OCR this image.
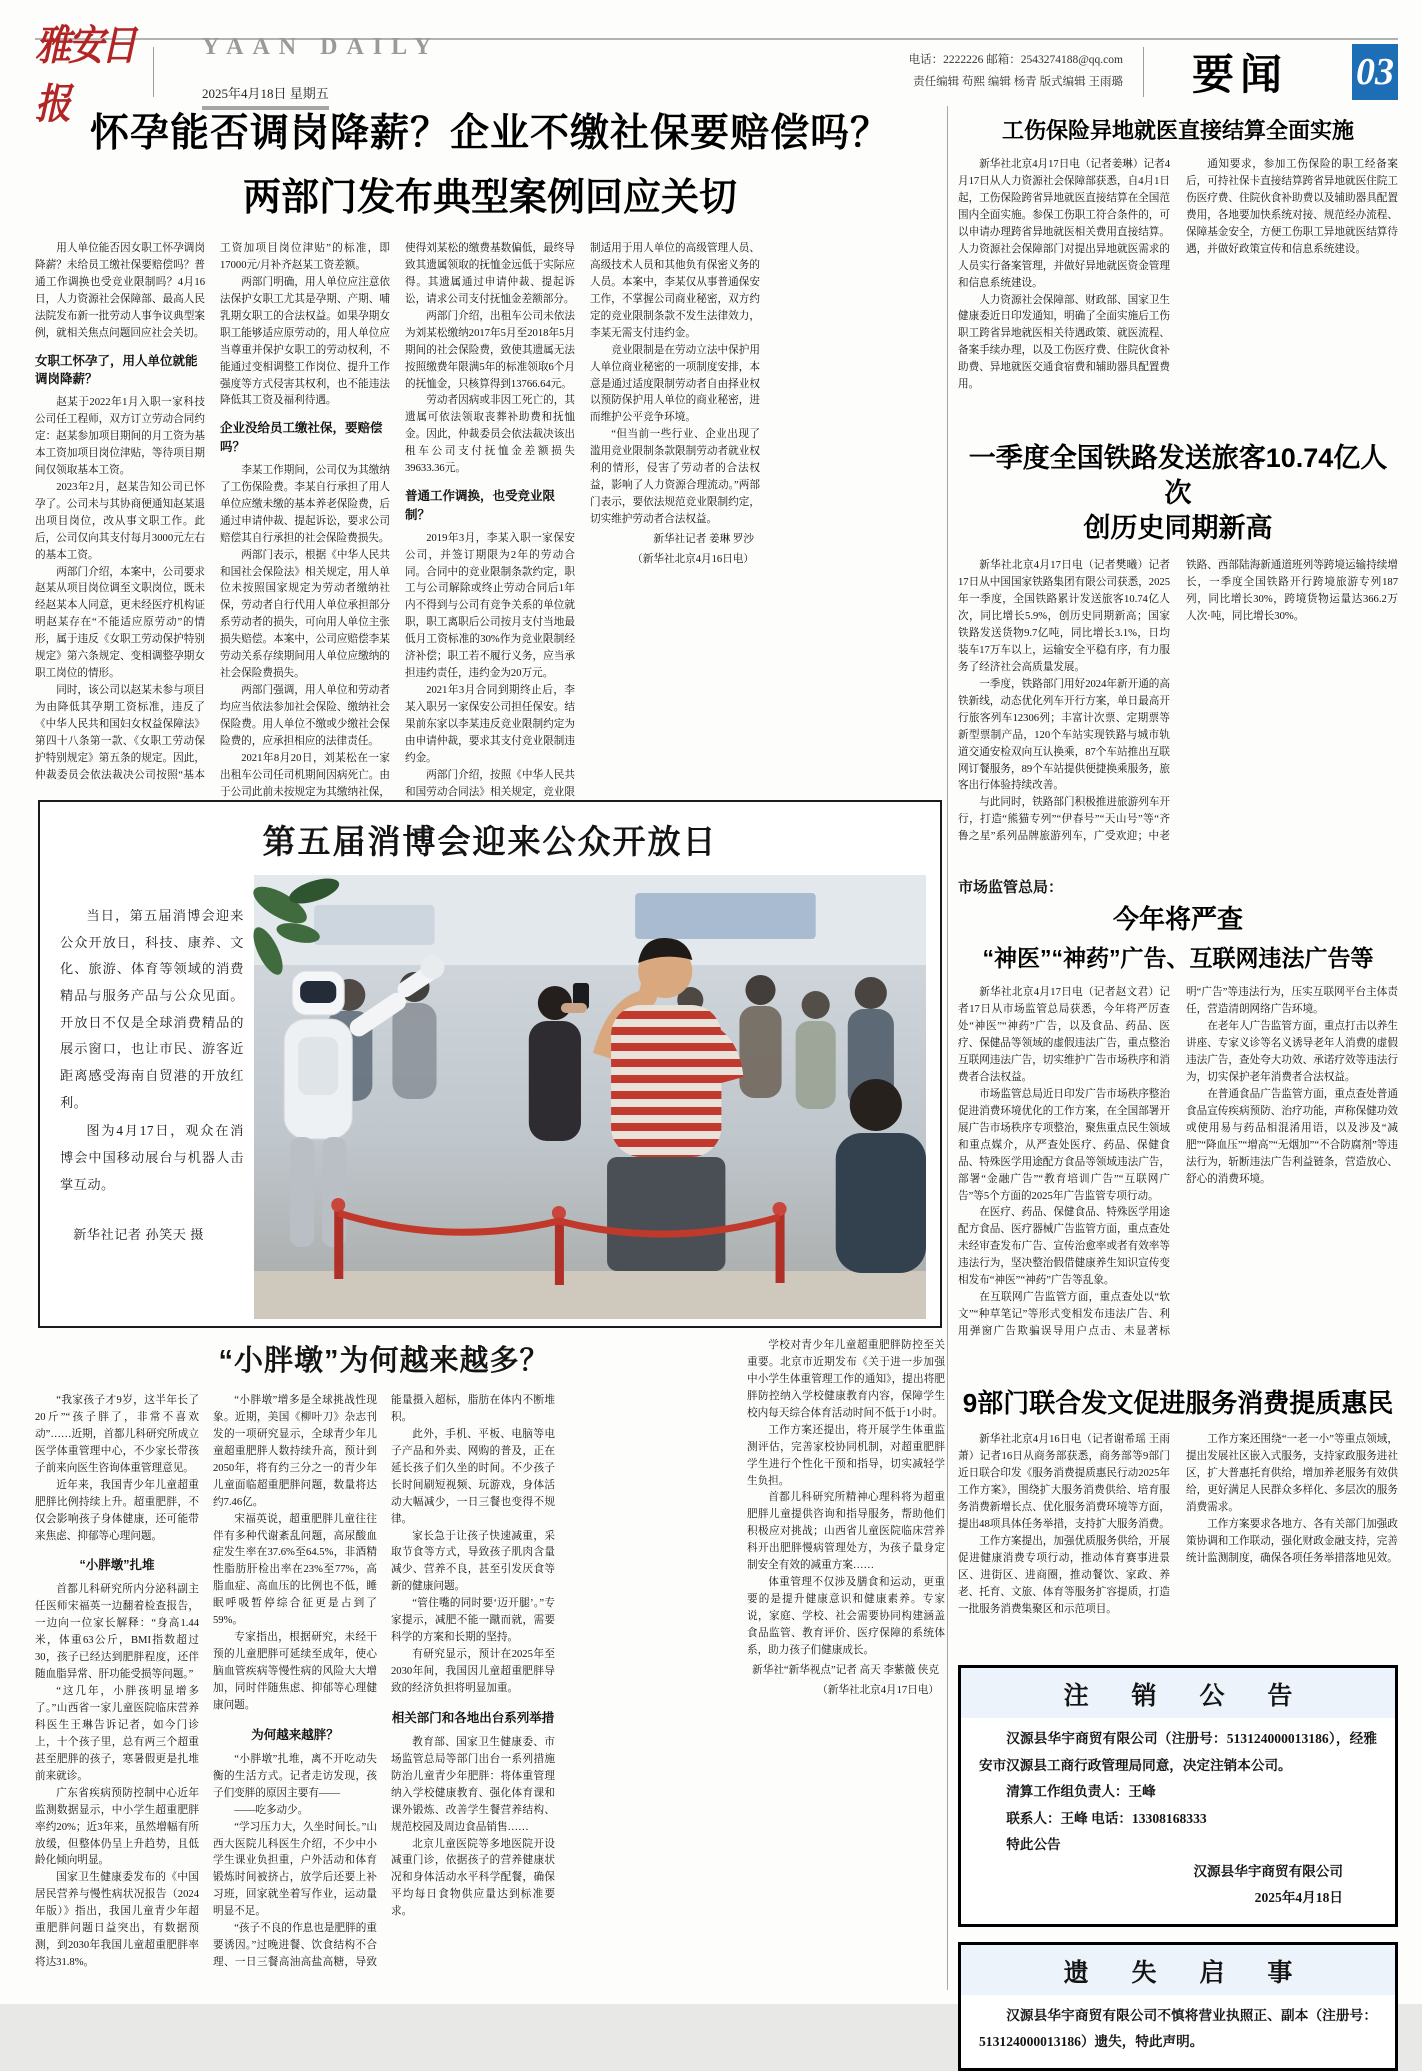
雅安日报
YAAN DAILY

2025年4月18日 星期五
电话：2222226 邮箱：2543274188@qq.com
责任编辑 苟熙 编辑 杨青 版式编辑 王雨璐 要闻 03
怀孕能否调岗降薪？企业不缴社保要赔偿吗？
两部门发布典型案例回应关切

用人单位能否因女职工怀孕调岗降薪？未给员工缴社保要赔偿吗？普通工作调换也受竞业限制吗？4月16日，人力资源社会保障部、最高人民法院发布新一批劳动人事争议典型案例，就相关焦点问题回应社会关切。

女职工怀孕了，用人单位就能调岗降薪？

赵某于2022年1月入职一家科技公司任工程师，双方订立劳动合同约定：赵某参加项目期间的月工资为基本工资加项目岗位津贴，等待项目期间仅领取基本工资。

2023年2月，赵某告知公司已怀孕了。公司未与其协商便通知赵某退出项目岗位，改从事文职工作。此后，公司仅向其支付每月3000元左右的基本工资。

两部门介绍，本案中，公司要求赵某从项目岗位调至文职岗位，既未经赵某本人同意，更未经医疗机构证明赵某存在“不能适应原劳动”的情形，属于违反《女职工劳动保护特别规定》第六条规定、变相调整孕期女职工岗位的情形。

同时，该公司以赵某未参与项目为由降低其孕期工资标准，违反了《中华人民共和国妇女权益保障法》第四十八条第一款、《女职工劳动保护特别规定》第五条的规定。因此，仲裁委员会依法裁决公司按照“基本工资加项目岗位津贴”的标准，即17000元/月补齐赵某工资差额。

两部门明确，用人单位应注意依法保护女职工尤其是孕期、产期、哺乳期女职工的合法权益。如果孕期女职工能够适应原劳动的，用人单位应当尊重并保护女职工的劳动权利，不能通过变相调整工作岗位、提升工作强度等方式侵害其权利，也不能违法降低其工资及福利待遇。

企业没给员工缴社保，要赔偿吗？

李某工作期间，公司仅为其缴纳了工伤保险费。李某自行承担了用人单位应缴未缴的基本养老保险费，后通过申请仲裁、提起诉讼，要求公司赔偿其自行承担的社会保险费损失。

两部门表示，根据《中华人民共和国社会保险法》相关规定，用人单位未按照国家规定为劳动者缴纳社保，劳动者自行代用人单位承担部分系劳动者的损失，可向用人单位主张损失赔偿。本案中，公司应赔偿李某劳动关系存续期间用人单位应缴纳的社会保险费损失。

两部门强调，用人单位和劳动者均应当依法参加社会保险、缴纳社会保险费。用人单位不缴或少缴社会保险费的，应承担相应的法律责任。

2021年8月20日，刘某松在一家出租车公司任司机期间因病死亡。由于公司此前未按规定为其缴纳社保，使得刘某松的缴费基数偏低，最终导致其遗属领取的抚恤金远低于实际应得。其遗属通过申请仲裁、提起诉讼，请求公司支付抚恤金差额部分。

两部门介绍，出租车公司未依法为刘某松缴纳2017年5月至2018年5月期间的社会保险费，致使其遗属无法按照缴费年限满5年的标准领取6个月的抚恤金，只核算得到13766.64元。

劳动者因病或非因工死亡的，其遗属可依法领取丧葬补助费和抚恤金。因此，仲裁委员会依法裁决该出租车公司支付抚恤金差额损失39633.36元。

普通工作调换，也受竞业限制？

2019年3月，李某入职一家保安公司，并签订期限为2年的劳动合同。合同中的竞业限制条款约定，职工与公司解除或终止劳动合同后1年内不得到与公司有竞争关系的单位就职，职工离职后公司按月支付当地最低月工资标准的30%作为竞业限制经济补偿；职工若不履行义务，应当承担违约责任，违约金为20万元。

2021年3月合同到期终止后，李某入职另一家保安公司担任保安。结果前东家以李某违反竞业限制约定为由申请仲裁，要求其支付竞业限制违约金。

两部门介绍，按照《中华人民共和国劳动合同法》相关规定，竞业限制适用于用人单位的高级管理人员、高级技术人员和其他负有保密义务的人员。本案中，李某仅从事普通保安工作，不掌握公司商业秘密，双方约定的竞业限制条款不发生法律效力，李某无需支付违约金。

竞业限制是在劳动立法中保护用人单位商业秘密的一项制度安排，本意是通过适度限制劳动者自由择业权以预防保护用人单位的商业秘密，进而维护公平竞争环境。

“但当前一些行业、企业出现了滥用竞业限制条款限制劳动者就业权利的情形，侵害了劳动者的合法权益，影响了人力资源合理流动。”两部门表示，要依法规范竞业限制约定，切实维护劳动者合法权益。

新华社记者 姜琳 罗沙

（新华社北京4月16日电）

第五届消博会迎来公众开放日

当日，第五届消博会迎来公众开放日，科技、康养、文化、旅游、体育等领域的消费精品与服务产品与公众见面。开放日不仅是全球消费精品的展示窗口，也让市民、游客近距离感受海南自贸港的开放红利。

图为4月17日，观众在消博会中国移动展台与机器人击掌互动。

新华社记者 孙笑天 摄

“小胖墩”为何越来越多？

“我家孩子才9岁，这半年长了20斤”“孩子胖了，非常不喜欢动”……近期，首都儿科研究所成立医学体重管理中心，不少家长带孩子前来向医生咨询体重管理意见。

近年来，我国青少年儿童超重肥胖比例持续上升。超重肥胖，不仅会影响孩子身体健康，还可能带来焦虑、抑郁等心理问题。

“小胖墩”扎堆

首都儿科研究所内分泌科副主任医师宋福英一边翻着检查报告，一边向一位家长解释：“身高1.44米，体重63公斤，BMI指数超过30，孩子已经达到肥胖程度，还伴随血脂异常、肝功能受损等问题。”

“这几年，小胖孩明显增多了。”山西省一家儿童医院临床营养科医生王琳告诉记者，如今门诊上，十个孩子里，总有两三个超重甚至肥胖的孩子，寒暑假更是扎堆前来就诊。

广东省疾病预防控制中心近年监测数据显示，中小学生超重肥胖率约20%；近3年来，虽然增幅有所放缓，但整体仍呈上升趋势，且低龄化倾向明显。

国家卫生健康委发布的《中国居民营养与慢性病状况报告（2024年版）》指出，我国儿童青少年超重肥胖问题日益突出，有数据预测，到2030年我国儿童超重肥胖率将达31.8%。

“小胖墩”增多是全球挑战性现象。近期，美国《柳叶刀》杂志刊发的一项研究显示，全球青少年儿童超重肥胖人数持续升高，预计到2050年，将有约三分之一的青少年儿童面临超重肥胖问题，数量将达约7.46亿。

宋福英说，超重肥胖儿童往往伴有多种代谢紊乱问题，高尿酸血症发生率在37.6%至64.5%，非酒精性脂肪肝检出率在23%至77%，高脂血症、高血压的比例也不低，睡眠呼吸暂停综合征更是占到了59%。

专家指出，根据研究，未经干预的儿童肥胖可延续至成年，使心脑血管疾病等慢性病的风险大大增加，同时伴随焦虑、抑郁等心理健康问题。

为何越来越胖？

“小胖墩”扎堆，离不开吃动失衡的生活方式。记者走访发现，孩子们变胖的原因主要有——

——吃多动少。

“学习压力大，久坐时间长。”山西大医院儿科医生介绍，不少中小学生课业负担重，户外活动和体育锻炼时间被挤占，放学后还要上补习班，回家就坐着写作业，运动量明显不足。

“孩子不良的作息也是肥胖的重要诱因。”过晚进餐、饮食结构不合理、一日三餐高油高盐高糖，导致能量摄入超标，脂肪在体内不断堆积。

此外，手机、平板、电脑等电子产品和外卖、网购的普及，正在延长孩子们久坐的时间。不少孩子长时间刷短视频、玩游戏，身体活动大幅减少，一日三餐也变得不规律。

家长急于让孩子快速减重，采取节食等方式，导致孩子肌肉含量减少、营养不良，甚至引发厌食等新的健康问题。

“管住嘴的同时要‘迈开腿’。”专家提示，减肥不能一蹴而就，需要科学的方案和长期的坚持。

有研究显示，预计在2025年至2030年间，我国因儿童超重肥胖导致的经济负担将明显加重。

相关部门和各地出台系列举措

教育部、国家卫生健康委、市场监管总局等部门出台一系列措施防治儿童青少年肥胖：将体重管理纳入学校健康教育、强化体育课和课外锻炼、改善学生餐营养结构、规范校园及周边食品销售……

北京儿童医院等多地医院开设减重门诊，依据孩子的营养健康状况和身体活动水平科学配餐，确保平均每日食物供应量达到标准要求。

学校对青少年儿童超重肥胖防控至关重要。北京市近期发布《关于进一步加强中小学生体重管理工作的通知》，提出将肥胖防控纳入学校健康教育内容，保障学生校内每天综合体育活动时间不低于1小时。

工作方案还提出，将开展学生体重监测评估，完善家校协同机制，对超重肥胖学生进行个性化干预和指导，切实减轻学生负担。

首都儿科研究所精神心理科将为超重肥胖儿童提供咨询和指导服务，帮助他们积极应对挑战；山西省儿童医院临床营养科开出肥胖慢病管理处方，为孩子量身定制安全有效的减重方案……

体重管理不仅涉及膳食和运动，更重要的是提升健康意识和健康素养。专家说，家庭、学校、社会需要协同构建涵盖食品监管、教育评价、医疗保障的系统体系，助力孩子们健康成长。

新华社“新华视点”记者 高天 李紫薇 侠克

（新华社北京4月17日电）

工伤保险异地就医直接结算全面实施

新华社北京4月17日电（记者姜琳）记者4月17日从人力资源社会保障部获悉，自4月1日起，工伤保险跨省异地就医直接结算在全国范围内全面实施。参保工伤职工符合条件的，可以申请办理跨省异地就医相关费用直接结算。人力资源社会保障部门对提出异地就医需求的人员实行备案管理，并做好异地就医资金管理和信息系统建设。

人力资源社会保障部、财政部、国家卫生健康委近日印发通知，明确了全面实施后工伤职工跨省异地就医相关待遇政策、就医流程、备案手续办理，以及工伤医疗费、住院伙食补助费、异地就医交通食宿费和辅助器具配置费用。

通知要求，参加工伤保险的职工经备案后，可持社保卡直接结算跨省异地就医住院工伤医疗费、住院伙食补助费以及辅助器具配置费用，各地要加快系统对接、规范经办流程、保障基金安全，方便工伤职工异地就医结算待遇，并做好政策宣传和信息系统建设。

一季度全国铁路发送旅客10.74亿人次
创历史同期新高

新华社北京4月17日电（记者樊曦）记者17日从中国国家铁路集团有限公司获悉，2025年一季度，全国铁路累计发送旅客10.74亿人次，同比增长5.9%，创历史同期新高；国家铁路发送货物9.7亿吨，同比增长3.1%，日均装车17万车以上，运输安全平稳有序，有力服务了经济社会高质量发展。

一季度，铁路部门用好2024年新开通的高铁新线，动态优化列车开行方案，单日最高开行旅客列车12306列；丰富计次票、定期票等新型票制产品，120个车站实现铁路与城市轨道交通安检双向互认换乘，87个车站推出互联网订餐服务，89个车站提供便捷换乘服务，旅客出行体验持续改善。

与此同时，铁路部门积极推进旅游列车开行，打造“熊猫专列”“伊春号”“天山号”等“齐鲁之星”系列品牌旅游列车，广受欢迎；中老铁路、西部陆海新通道班列等跨境运输持续增长，一季度全国铁路开行跨境旅游专列187列，同比增长30%，跨境货物运量达366.2万人次·吨，同比增长30%。

市场监管总局：
今年将严查
“神医”“神药”广告、互联网违法广告等

新华社北京4月17日电（记者赵文君）记者17日从市场监管总局获悉，今年将严厉查处“神医”“神药”广告，以及食品、药品、医疗、保健品等领域的虚假违法广告，重点整治互联网违法广告，切实维护广告市场秩序和消费者合法权益。

市场监管总局近日印发广告市场秩序整治促进消费环境优化的工作方案，在全国部署开展广告市场秩序专项整治，聚焦重点民生领域和重点媒介，从严查处医疗、药品、保健食品、特殊医学用途配方食品等领域违法广告，部署“金融广告”“教育培训广告”“互联网广告”等5个方面的2025年广告监管专项行动。

在医疗、药品、保健食品、特殊医学用途配方食品、医疗器械广告监管方面，重点查处未经审查发布广告、宣传治愈率或者有效率等违法行为，坚决整治假借健康养生知识宣传变相发布“神医”“神药”广告等乱象。

在互联网广告监管方面，重点查处以“软文”“种草笔记”等形式变相发布违法广告、利用弹窗广告欺骗误导用户点击、未显著标明“广告”等违法行为，压实互联网平台主体责任，营造清朗网络广告环境。

在老年人广告监管方面，重点打击以养生讲座、专家义诊等名义诱导老年人消费的虚假违法广告，查处夸大功效、承诺疗效等违法行为，切实保护老年消费者合法权益。

在普通食品广告监管方面，重点查处普通食品宣传疾病预防、治疗功能，声称保健功效或使用易与药品相混淆用语，以及涉及“减肥”“降血压”“增高”“无烟加”“不合防腐剂”等违法行为，斩断违法广告利益链条，营造放心、舒心的消费环境。

9部门联合发文促进服务消费提质惠民

新华社北京4月16日电（记者谢希瑶 王雨萧）记者16日从商务部获悉，商务部等9部门近日联合印发《服务消费提质惠民行动2025年工作方案》，围绕扩大服务消费供给、培育服务消费新增长点、优化服务消费环境等方面，提出48项具体任务举措，支持扩大服务消费。

工作方案提出，加强优质服务供给，开展促进健康消费专项行动，推动体育赛事进景区、进街区、进商圈，推动餐饮、家政、养老、托育、文旅、体育等服务扩容提质，打造一批服务消费集聚区和示范项目。

工作方案还围绕“一老一小”等重点领域，提出发展社区嵌入式服务，支持家政服务进社区，扩大普惠托育供给，增加养老服务有效供给，更好满足人民群众多样化、多层次的服务消费需求。

工作方案要求各地方、各有关部门加强政策协调和工作联动，强化财政金融支持，完善统计监测制度，确保各项任务举措落地见效。

注 销 公 告

汉源县华宇商贸有限公司（注册号：513124000013186），经雅安市汉源县工商行政管理局同意，决定注销本公司。

清算工作组负责人：王峰

联系人：王峰 电话：13308168333

特此公告

汉源县华宇商贸有限公司

2025年4月18日

遗 失 启 事

汉源县华宇商贸有限公司不慎将营业执照正、副本（注册号：513124000013186）遗失，特此声明。
